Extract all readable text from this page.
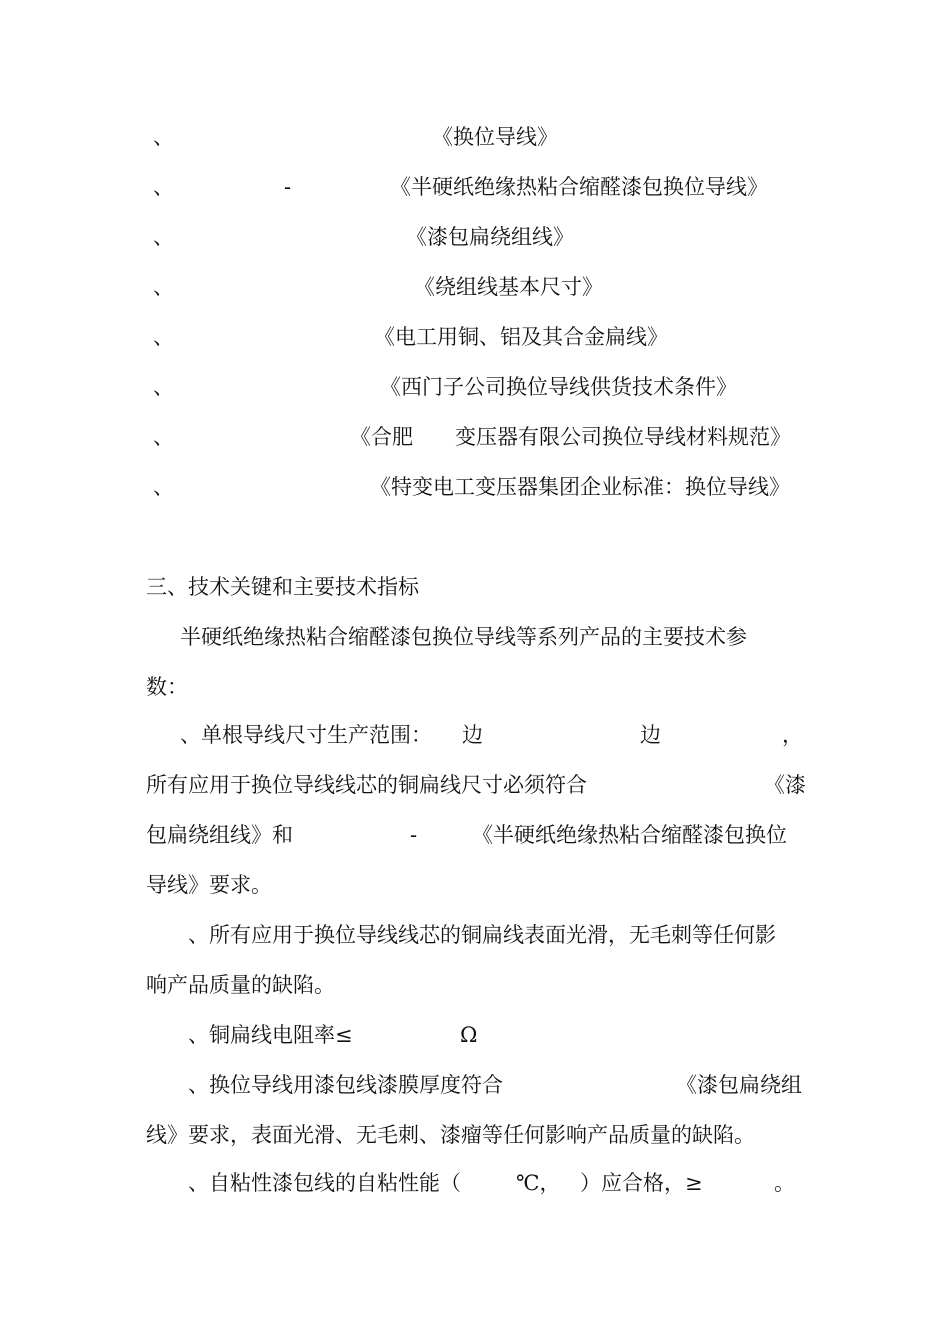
、	《换位导线》
、	-	《半硬纸绝缘热粘合缩醛漆包换位导线》
、	《漆包扁绕组线》
、	《绕组线基本尺寸》
、	《电工用铜、铝及其合金扁线》
、	《西门子公司换位导线供货技术条件》
、	《合肥　　变压器有限公司换位导线材料规范》
、	《特变电工变压器集团企业标准：换位导线》
三、技术关键和主要技术指标
半硬纸绝缘热粘合缩醛漆包换位导线等系列产品的主要技术参
数：
、单根导线尺寸生产范围： 边	边	，
所有应用于换位导线线芯的铜扁线尺寸必须符合	《漆
包扁绕组线》和	-	《半硬纸绝缘热粘合缩醛漆包换位
导线》要求。
、所有应用于换位导线线芯的铜扁线表面光滑，无毛刺等任何影
响产品质量的缺陷。
、铜扁线电阻率≤	Ω
、换位导线用漆包线漆膜厚度符合	《漆包扁绕组
线》要求，表面光滑、无毛刺、漆瘤等任何影响产品质量的缺陷。
、自粘性漆包线的自粘性能（	℃， ）应合格，≥	。
